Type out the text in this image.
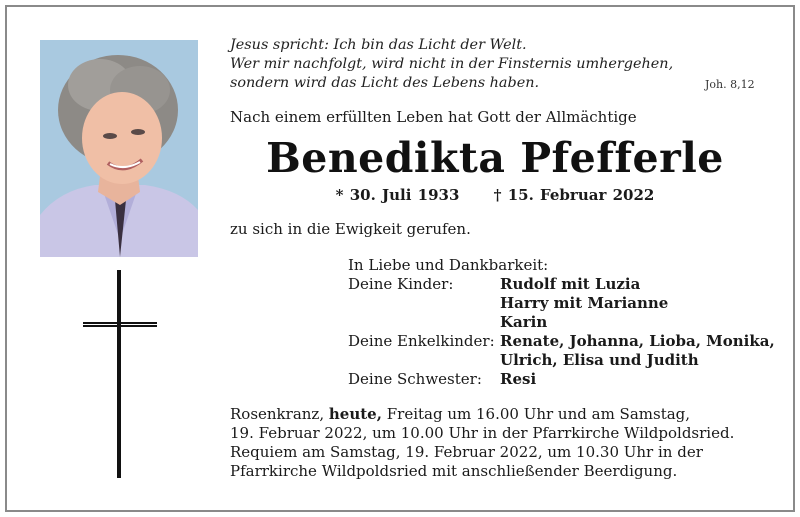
Jesus spricht: Ich bin das Licht der Welt.
Wer mir nachfolgt, wird nicht in der Finsternis umhergehen,
sondern wird das Licht des Lebens haben.	Joh. 8,12
Nach einem erfüllten Leben hat Gott der Allmächtige
Benedikta Pfefferle
* 30. Juli 1933 † 15. Februar 2022
zu sich in die Ewigkeit gerufen.
In Liebe und Dankbarkeit:
Deine Kinder:	Rudolf mit Luzia
Harry mit Marianne
Karin
Deine Enkelkinder: Renate, Johanna, Lioba, Monika,
Ulrich, Elisa und Judith
Deine Schwester:	Resi
Rosenkranz, heute, Freitag um 16.00 Uhr und am Samstag,
19. Februar 2022, um 10.00 Uhr in der Pfarrkirche Wildpoldsried.
Requiem am Samstag, 19. Februar 2022, um 10.30 Uhr in der
Pfarrkirche Wildpoldsried mit anschließender Beerdigung.
